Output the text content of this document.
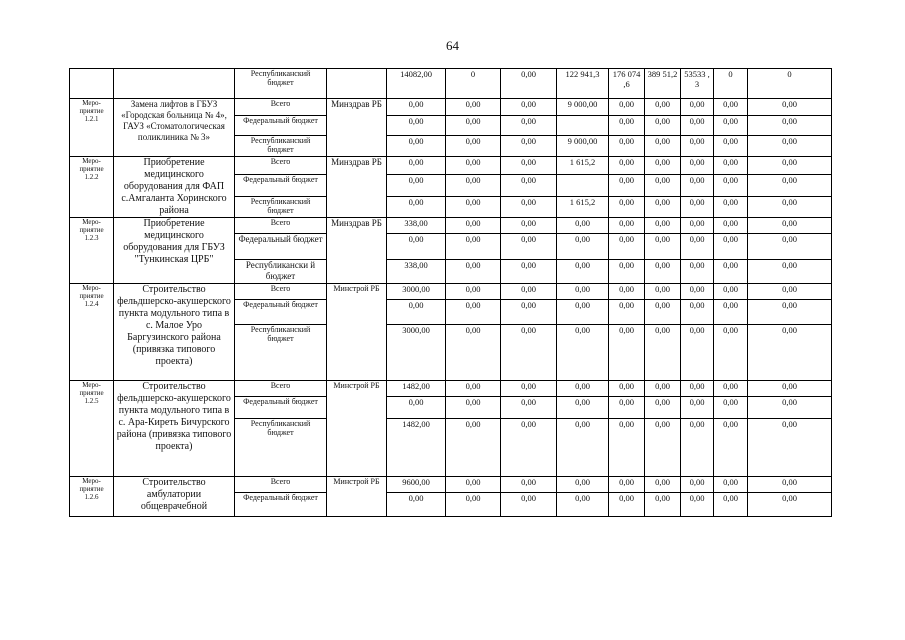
64
		Республиканский бюджет		14082,00	0	0,00	122 941,3	176 074 ,6	389 51,2	53533 ,3	0	0
Меро- приятие 1.2.1	Замена лифтов в ГБУЗ «Городская больница № 4», ГАУЗ «Стоматологическая поликлиника № 3»	Всего	Минздрав РБ	0,00	0,00	0,00	9 000,00	0,00	0,00	0,00	0,00	0,00
		Федеральный бюджет		0,00	0,00	0,00		0,00	0,00	0,00	0,00	0,00
		Республиканский бюджет		0,00	0,00	0,00	9 000,00	0,00	0,00	0,00	0,00	0,00
Меро- приятие 1.2.2	Приобретение медицинского оборудования для ФАП с.Амгаланта Хоринского района	Всего	Минздрав РБ	0,00	0,00	0,00	1 615,2	0,00	0,00	0,00	0,00	0,00
		Федеральный бюджет		0,00	0,00	0,00		0,00	0,00	0,00	0,00	0,00
		Республиканский бюджет		0,00	0,00	0,00	1 615,2	0,00	0,00	0,00	0,00	0,00
Меро- приятие 1.2.3	Приобретение медицинского оборудования для ГБУЗ "Тункинская ЦРБ"	Всего	Минздрав РБ	338,00	0,00	0,00	0,00	0,00	0,00	0,00	0,00	0,00
		Федеральный бюджет		0,00	0,00	0,00	0,00	0,00	0,00	0,00	0,00	0,00
		Республикански й бюджет		338,00	0,00	0,00	0,00	0,00	0,00	0,00	0,00	0,00
Меро- приятие 1.2.4	Строительство фельдшерско-акушерского пункта модульного типа в с. Малое Уро Баргузинского района (привязка типового проекта)	Всего	Минстрой РБ	3000,00	0,00	0,00	0,00	0,00	0,00	0,00	0,00	0,00
		Федеральный бюджет		0,00	0,00	0,00	0,00	0,00	0,00	0,00	0,00	0,00
		Республиканский бюджет		3000,00	0,00	0,00	0,00	0,00	0,00	0,00	0,00	0,00
Меро- приятие 1.2.5	Строительство фельдшерско-акушерского пункта модульного типа в с. Ара-Киреть Бичурского района (привязка типового проекта)	Всего	Минстрой РБ	1482,00	0,00	0,00	0,00	0,00	0,00	0,00	0,00	0,00
		Федеральный бюджет		0,00	0,00	0,00	0,00	0,00	0,00	0,00	0,00	0,00
		Республиканский бюджет		1482,00	0,00	0,00	0,00	0,00	0,00	0,00	0,00	0,00
Меро- приятие 1.2.6	Строительство амбулатории общеврачебной	Всего	Минстрой РБ	9600,00	0,00	0,00	0,00	0,00	0,00	0,00	0,00	0,00
		Федеральный бюджет		0,00	0,00	0,00	0,00	0,00	0,00	0,00	0,00	0,00
